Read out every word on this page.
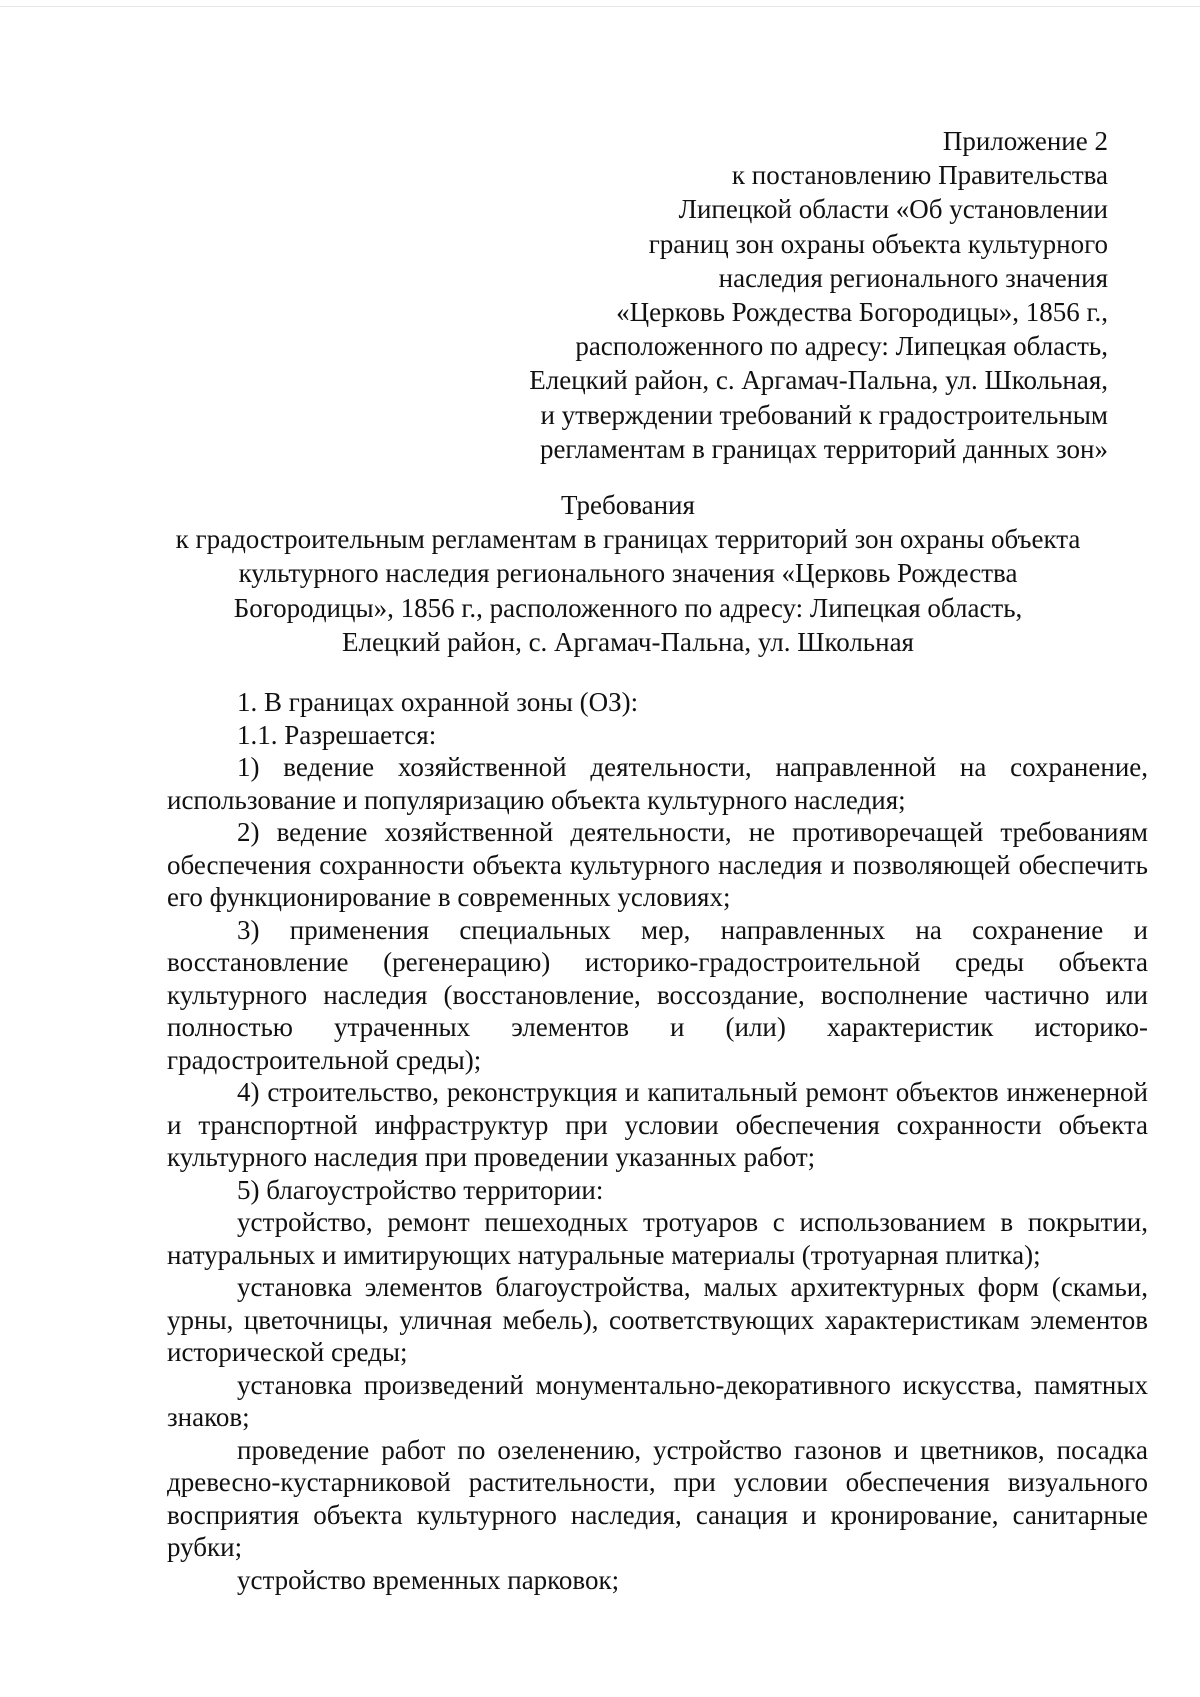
Приложение 2
к постановлению Правительства
Липецкой области «Об установлении
границ зон охраны объекта культурного
наследия регионального значения
«Церковь Рождества Богородицы», 1856 г.,
расположенного по адресу: Липецкая область,
Елецкий район, с. Аргамач-Пальна, ул. Школьная,
и утверждении требований к градостроительным
регламентам в границах территорий данных зон»
Требования
к градостроительным регламентам в границах территорий зон охраны объекта
культурного наследия регионального значения «Церковь Рождества
Богородицы», 1856 г., расположенного по адресу: Липецкая область,
Елецкий район, с. Аргамач-Пальна, ул. Школьная

1. В границах охранной зоны (ОЗ):

1.1. Разрешается:

1) ведение хозяйственной деятельности, направленной на сохранение, использование и популяризацию объекта культурного наследия;

2) ведение хозяйственной деятельности, не противоречащей требованиям обеспечения сохранности объекта культурного наследия и позволяющей обеспечить его функционирование в современных условиях;

3) применения специальных мер, направленных на сохранение и восстановление (регенерацию) историко-градостроительной среды объекта культурного наследия (восстановление, воссоздание, восполнение частично или полностью утраченных элементов и (или) характеристик историко-градостроительной среды);

4) строительство, реконструкция и капитальный ремонт объектов инженерной и транспортной инфраструктур при условии обеспечения сохранности объекта культурного наследия при проведении указанных работ;

5) благоустройство территории:

устройство, ремонт пешеходных тротуаров с использованием в покрытии, натуральных и имитирующих натуральные материалы (тротуарная плитка);

установка элементов благоустройства, малых архитектурных форм (скамьи, урны, цветочницы, уличная мебель), соответствующих характеристикам элементов исторической среды;

установка произведений монументально-декоративного искусства, памятных знаков;

проведение работ по озеленению, устройство газонов и цветников, посадка древесно-кустарниковой растительности, при условии обеспечения визуального восприятия объекта культурного наследия, санация и кронирование, санитарные рубки;

устройство временных парковок;
